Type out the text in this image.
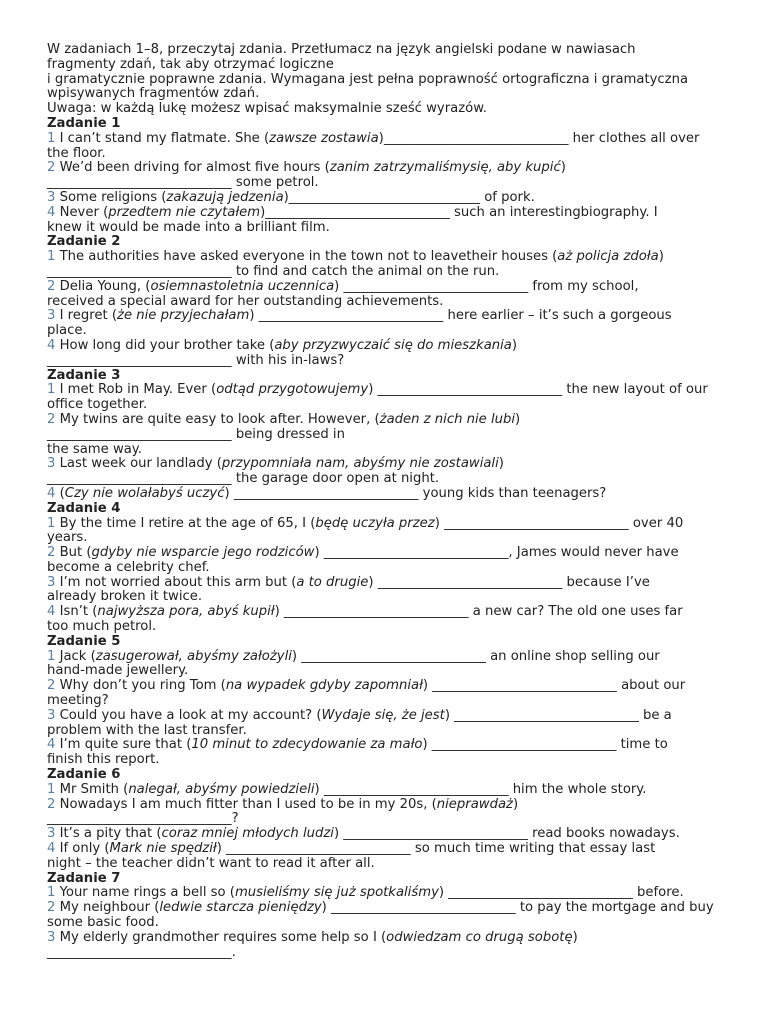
W zadaniach 1–8, przeczytaj zdania. Przetłumacz na język angielski podane w nawiasach

fragmenty zdań, tak aby otrzymać logiczne

i gramatycznie poprawne zdania. Wymagana jest pełna poprawność ortograficzna i gramatyczna

wpisywanych fragmentów zdań.

Uwaga: w każdą lukę możesz wpisać maksymalnie sześć wyrazów.

Zadanie 1

1 I can’t stand my flatmate. She (zawsze zostawia)____________________________ her clothes all over

the floor.

2 We’d been driving for almost five hours (zanim zatrzymaliśmysię, aby kupić)

____________________________ some petrol.

3 Some religions (zakazują jedzenia)_____________________________ of pork.

4 Never (przedtem nie czytałem)____________________________ such an interestingbiography. I

knew it would be made into a brilliant film.

Zadanie 2

1 The authorities have asked everyone in the town not to leavetheir houses (aż policja zdoła)

____________________________ to find and catch the animal on the run.

2 Delia Young, (osiemnastoletnia uczennica) ____________________________ from my school,

received a special award for her outstanding achievements.

3 I regret (że nie przyjechałam) ____________________________ here earlier – it’s such a gorgeous

place.

4 How long did your brother take (aby przyzwyczaić się do mieszkania)

____________________________ with his in-laws?

Zadanie 3

1 I met Rob in May. Ever (odtąd przygotowujemy) ____________________________ the new layout of our

office together.

2 My twins are quite easy to look after. However, (żaden z nich nie lubi)

____________________________ being dressed in

the same way.

3 Last week our landlady (przypomniała nam, abyśmy nie zostawiali)

____________________________ the garage door open at night.

4 (Czy nie wolałabyś uczyć) ____________________________ young kids than teenagers?

Zadanie 4

1 By the time I retire at the age of 65, I (będę uczyła przez) ____________________________ over 40

years.

2 But (gdyby nie wsparcie jego rodziców) ____________________________, James would never have

become a celebrity chef.

3 I’m not worried about this arm but (a to drugie) ____________________________ because I’ve

already broken it twice.

4 Isn’t (najwyższa pora, abyś kupił) ____________________________ a new car? The old one uses far

too much petrol.

Zadanie 5

1 Jack (zasugerował, abyśmy założyli) ____________________________ an online shop selling our

hand-made jewellery.

2 Why don’t you ring Tom (na wypadek gdyby zapomniał) ____________________________ about our

meeting?

3 Could you have a look at my account? (Wydaje się, że jest) ____________________________ be a

problem with the last transfer.

4 I’m quite sure that (10 minut to zdecydowanie za mało) ____________________________ time to

finish this report.

Zadanie 6

1 Mr Smith (nalegał, abyśmy powiedzieli) ____________________________ him the whole story.

2 Nowadays I am much fitter than I used to be in my 20s, (nieprawdaż)

____________________________?

3 It’s a pity that (coraz mniej młodych ludzi) ____________________________ read books nowadays.

4 If only (Mark nie spędził) ____________________________ so much time writing that essay last

night – the teacher didn’t want to read it after all.

Zadanie 7

1 Your name rings a bell so (musieliśmy się już spotkaliśmy) ____________________________ before.

2 My neighbour (ledwie starcza pieniędzy) ____________________________ to pay the mortgage and buy

some basic food.

3 My elderly grandmother requires some help so I (odwiedzam co drugą sobotę)

____________________________.
